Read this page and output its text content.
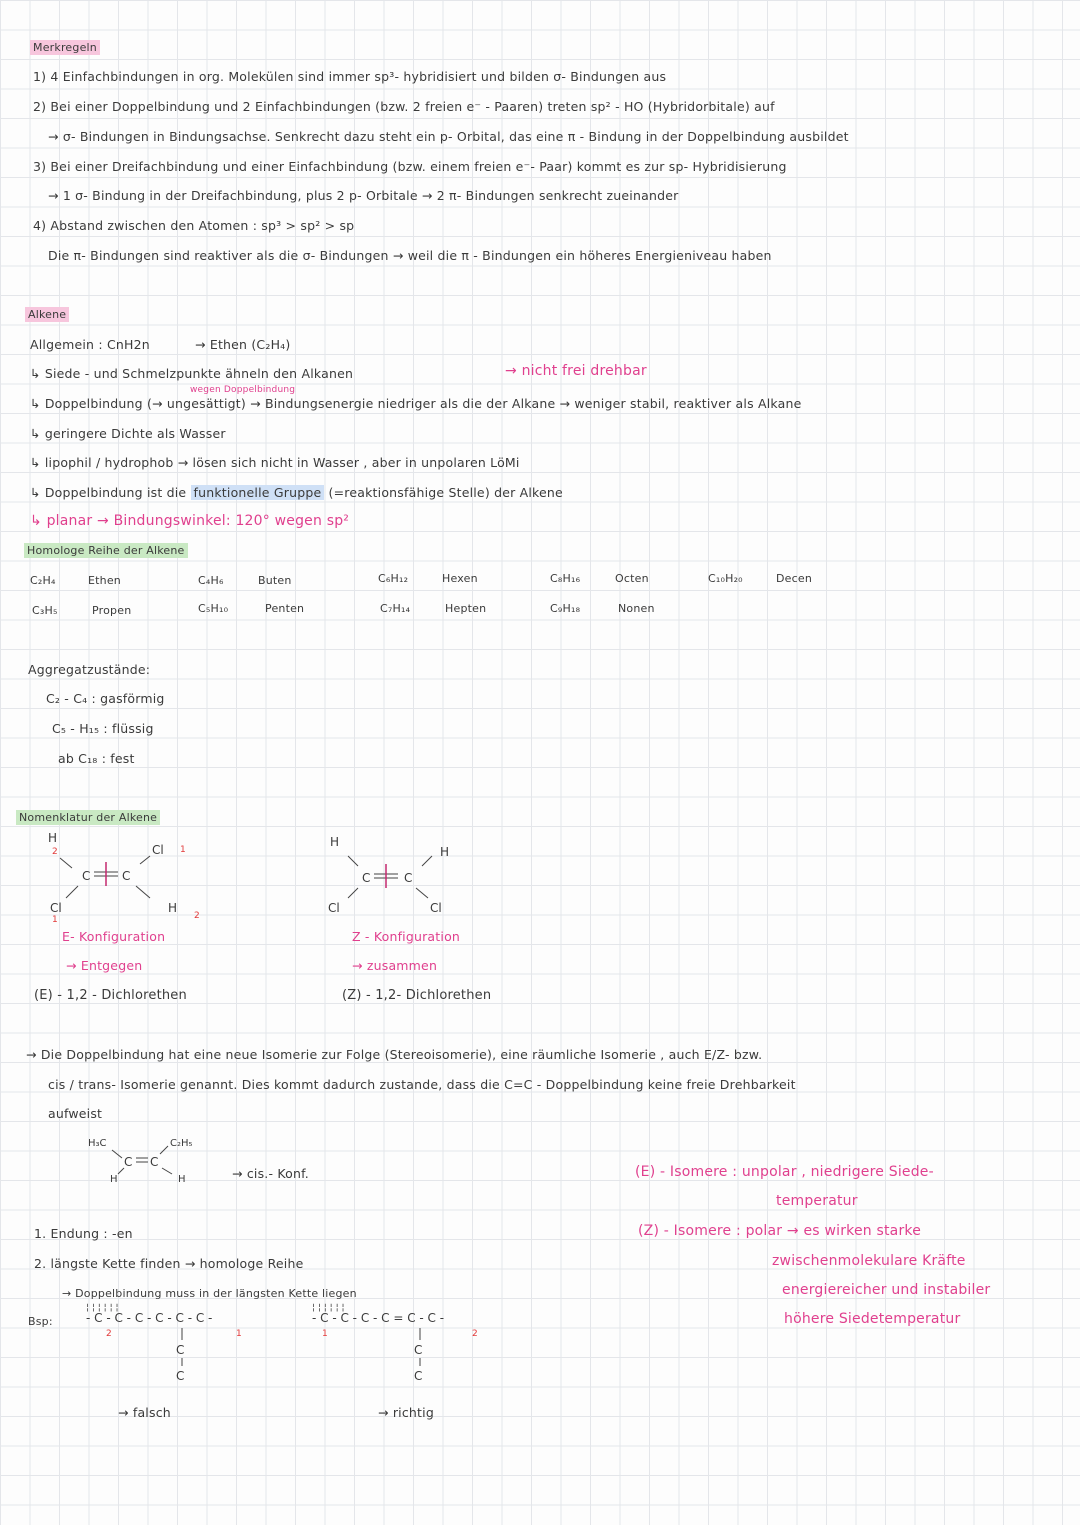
Merkregeln
1) 4 Einfachbindungen in org. Molekülen sind immer sp³- hybridisiert und bilden σ- Bindungen aus
2) Bei einer Doppelbindung und 2 Einfachbindungen (bzw. 2 freien e⁻ - Paaren) treten sp² - HO (Hybridorbitale) auf
→ σ- Bindungen in Bindungsachse. Senkrecht dazu steht ein p- Orbital, das eine π - Bindung in der Doppelbindung ausbildet
3) Bei einer Dreifachbindung und einer Einfachbindung (bzw. einem freien e⁻- Paar) kommt es zur sp- Hybridisierung
→ 1 σ- Bindung in der Dreifachbindung, plus 2 p- Orbitale → 2 π- Bindungen senkrecht zueinander
4) Abstand zwischen den Atomen : sp³ > sp² > sp
Die π- Bindungen sind reaktiver als die σ- Bindungen → weil die π - Bindungen ein höheres Energieniveau haben
Alkene
Allgemein : CnH2n	→ Ethen (C₂H₄)
↳ Siede - und Schmelzpunkte ähneln den Alkanen	→ nicht frei drehbar
wegen Doppelbindung
↳ Doppelbindung (→ ungesättigt) → Bindungsenergie niedriger als die der Alkane → weniger stabil, reaktiver als Alkane
↳ geringere Dichte als Wasser
↳ lipophil / hydrophob → lösen sich nicht in Wasser , aber in unpolaren LöMi
↳ Doppelbindung ist die funktionelle Gruppe (=reaktionsfähige Stelle) der Alkene
↳ planar → Bindungswinkel: 120° wegen sp²
Homologe Reihe der Alkene
C₂H₄	Ethen	C₄H₆	Buten	C₆H₁₂	Hexen	C₈H₁₆	Octen	C₁₀H₂₀	Decen
C₃H₅	Propen	C₅H₁₀	Penten	C₇H₁₄	Hepten	C₉H₁₈	Nonen
Aggregatzustände:
C₂ - C₄ : gasförmig
C₅ - H₁₅ : flüssig
ab C₁₈ : fest
Nomenklatur der Alkene
H
2
C	C
Cl 1
Cl
1
H
2
H
C	C
H
Cl	Cl
E- Konfiguration
→ Entgegen
(E) - 1,2 - Dichlorethen
Z - Konfiguration
→ zusammen
(Z) - 1,2- Dichlorethen
→ Die Doppelbindung hat eine neue Isomerie zur Folge (Stereoisomerie), eine räumliche Isomerie , auch E/Z- bzw.
cis / trans- Isomerie genannt. Dies kommt dadurch zustande, dass die C=C - Doppelbindung keine freie Drehbarkeit
aufweist
H₃C
C C
C₂H₅
H	H	→ cis.- Konf.	(E) - Isomere : unpolar , niedrigere Siede-
temperatur
(Z) - Isomere : polar → es wirken starke
zwischenmolekulare Kräfte
energiereicher und instabiler
höhere Siedetemperatur
1. Endung : -en
2. längste Kette finden → homologe Reihe
→ Doppelbindung muss in der längsten Kette liegen
Bsp:	- C - C - C - C - C - C -
¦ ¦ ¦ ¦ ¦ ¦
2	1
C
C
→ falsch
- C - C - C - C = C - C -
¦ ¦ ¦ ¦ ¦ ¦
1	2
C
C
→ richtig
